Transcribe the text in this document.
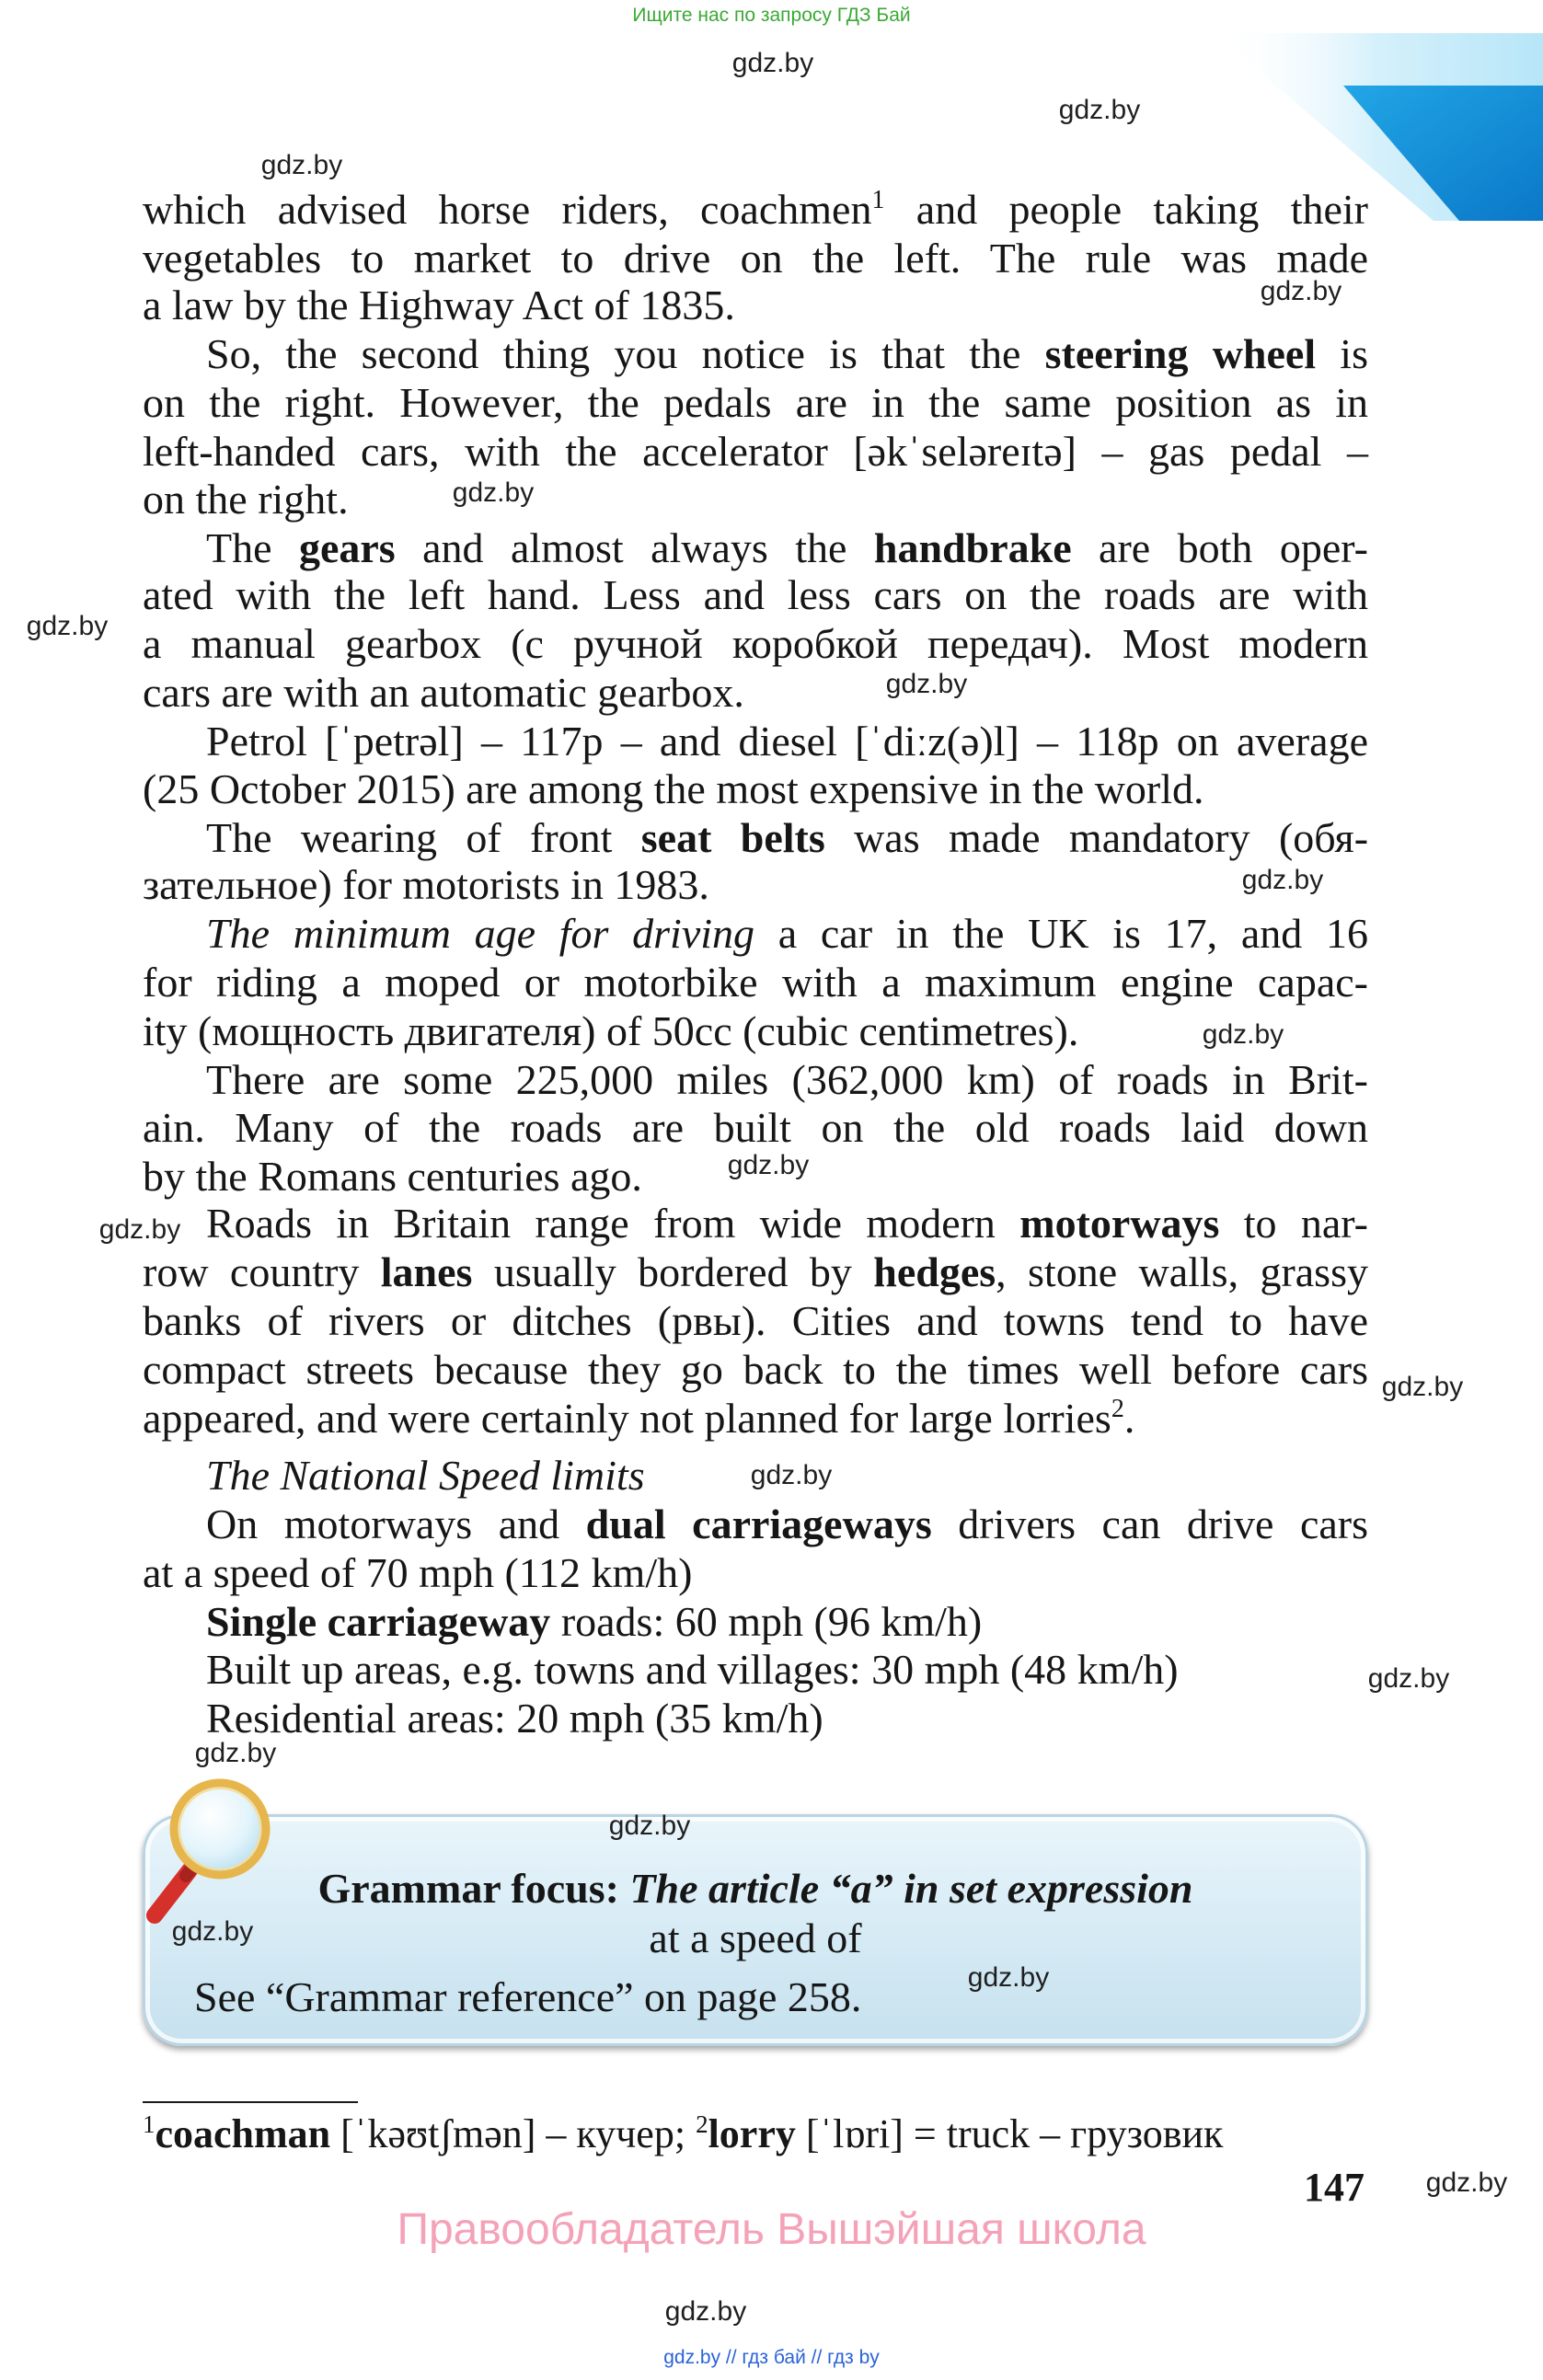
Ищите нас по запросу ГДЗ Бай
which advised horse riders, coachmen$^1$ and people taking their
vegetables to market to drive on the left. The rule was made
a law by the Highway Act of 1835.
So, the second thing you notice is that the steering wheel is
on the right. However, the pedals are in the same position as in
left-handed cars, with the accelerator [əkˈseləreɪtə] – gas pedal –
on the right.
The gears and almost always the handbrake are both oper-
ated with the left hand. Less and less cars on the roads are with
a manual gearbox (с ручной коробкой передач). Most modern
cars are with an automatic gearbox.
Petrol [ˈpetrəl] – 117p – and diesel [ˈdiːz(ə)l] – 118p on average
(25 October 2015) are among the most expensive in the world.
The wearing of front seat belts was made mandatory (обя-
зательное) for motorists in 1983.
The minimum age for driving a car in the UK is 17, and 16
for riding a moped or motorbike with a maximum engine capac-
ity (мощность двигателя) of 50cc (cubic centimetres).
There are some 225,000 miles (362,000 km) of roads in Brit-
ain. Many of the roads are built on the old roads laid down
by the Romans centuries ago.
Roads in Britain range from wide modern motorways to nar-
row country lanes usually bordered by hedges, stone walls, grassy
banks of rivers or ditches (рвы). Cities and towns tend to have
compact streets because they go back to the times well before cars
appeared, and were certainly not planned for large lorries$^2$.
The National Speed limits
On motorways and dual carriageways drivers can drive cars
at a speed of 70 mph (112 km/h)
Single carriageway roads: 60 mph (96 km/h)
Built up areas, e.g. towns and villages: 30 mph (48 km/h)
Residential areas: 20 mph (35 km/h)
Grammar focus: The article “a” in set expression
at a speed of
See “Grammar reference” on page 258.
$^1$coachman [ˈkəʊtʃmən] – кучер; $^2$lorry [ˈlɒri] = truck – грузовик
147
Правообладатель Вышэйшая школа
gdz.by // гдз бай // гдз by
gdz.by
gdz.by
gdz.by
gdz.by
gdz.by
gdz.by
gdz.by
gdz.by
gdz.by
gdz.by
gdz.by
gdz.by
gdz.by
gdz.by
gdz.by
gdz.by
gdz.by
gdz.by
gdz.by
gdz.by
